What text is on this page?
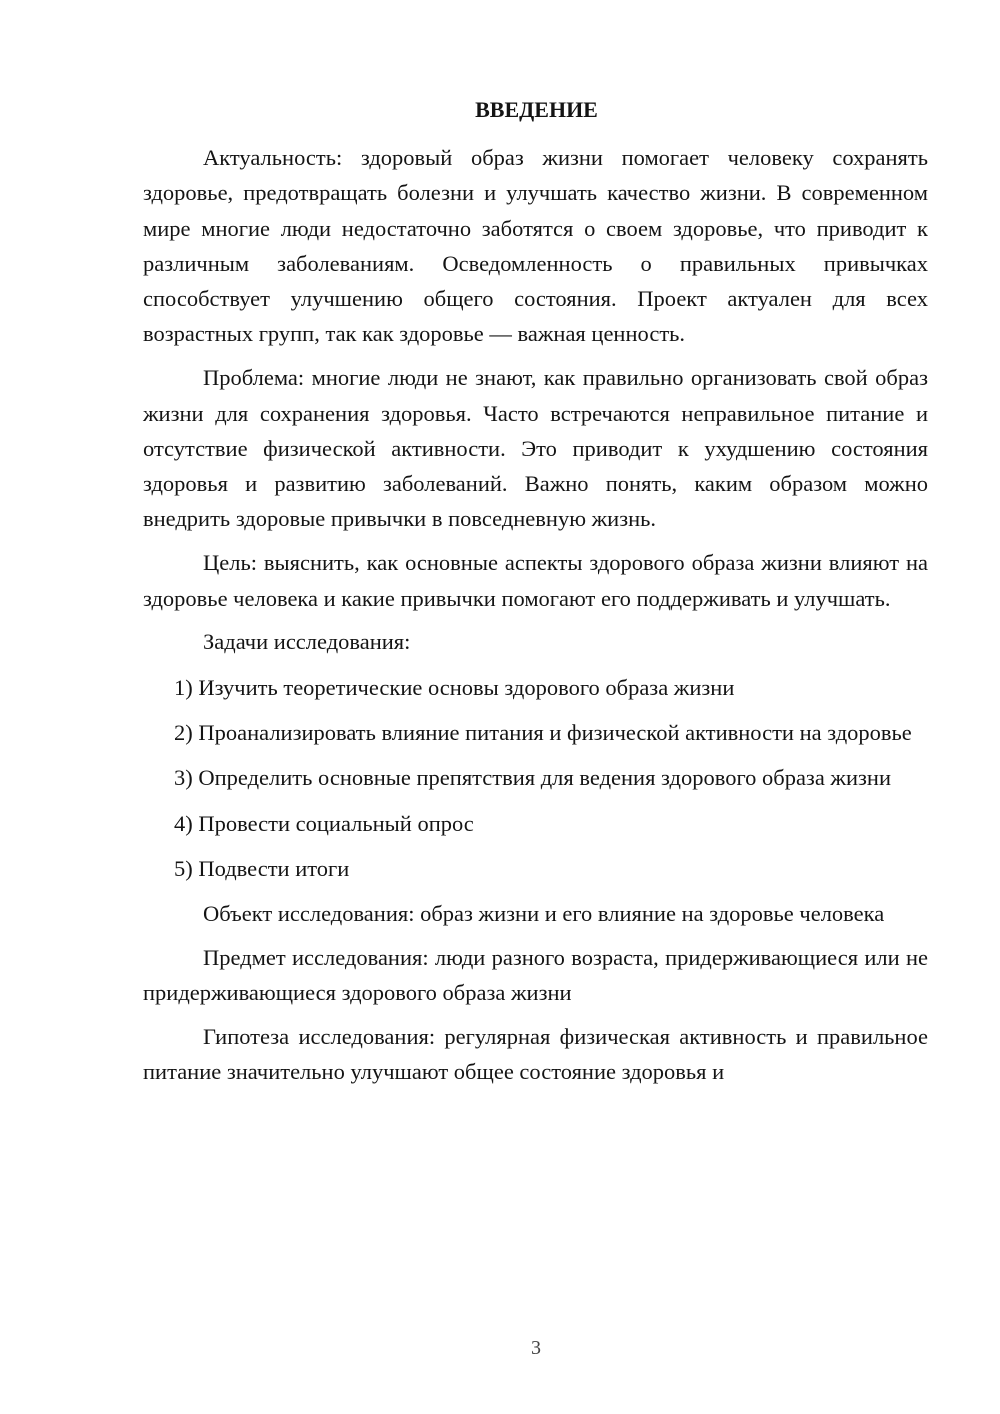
ВВЕДЕНИЕ

Актуальность: здоровый образ жизни помогает человеку сохранять здоровье, предотвращать болезни и улучшать качество жизни. В современном мире многие люди недостаточно заботятся о своем здоровье, что приводит к различным заболеваниям. Осведомленность о правильных привычках способствует улучшению общего состояния. Проект актуален для всех возрастных групп, так как здоровье — важная ценность.

Проблема: многие люди не знают, как правильно организовать свой образ жизни для сохранения здоровья. Часто встречаются неправильное питание и отсутствие физической активности. Это приводит к ухудшению состояния здоровья и развитию заболеваний. Важно понять, каким образом можно внедрить здоровые привычки в повседневную жизнь.

Цель: выяснить, как основные аспекты здорового образа жизни влияют на здоровье человека и какие привычки помогают его поддерживать и улучшать.

Задачи исследования:

1) Изучить теоретические основы здорового образа жизни

2) Проанализировать влияние питания и физической активности на здоровье

3) Определить основные препятствия для ведения здорового образа жизни

4) Провести социальный опрос

5) Подвести итоги

Объект исследования: образ жизни и его влияние на здоровье человека

Предмет исследования: люди разного возраста, придерживающиеся или не придерживающиеся здорового образа жизни

Гипотеза исследования: регулярная физическая активность и правильное питание значительно улучшают общее состояние здоровья и

3
